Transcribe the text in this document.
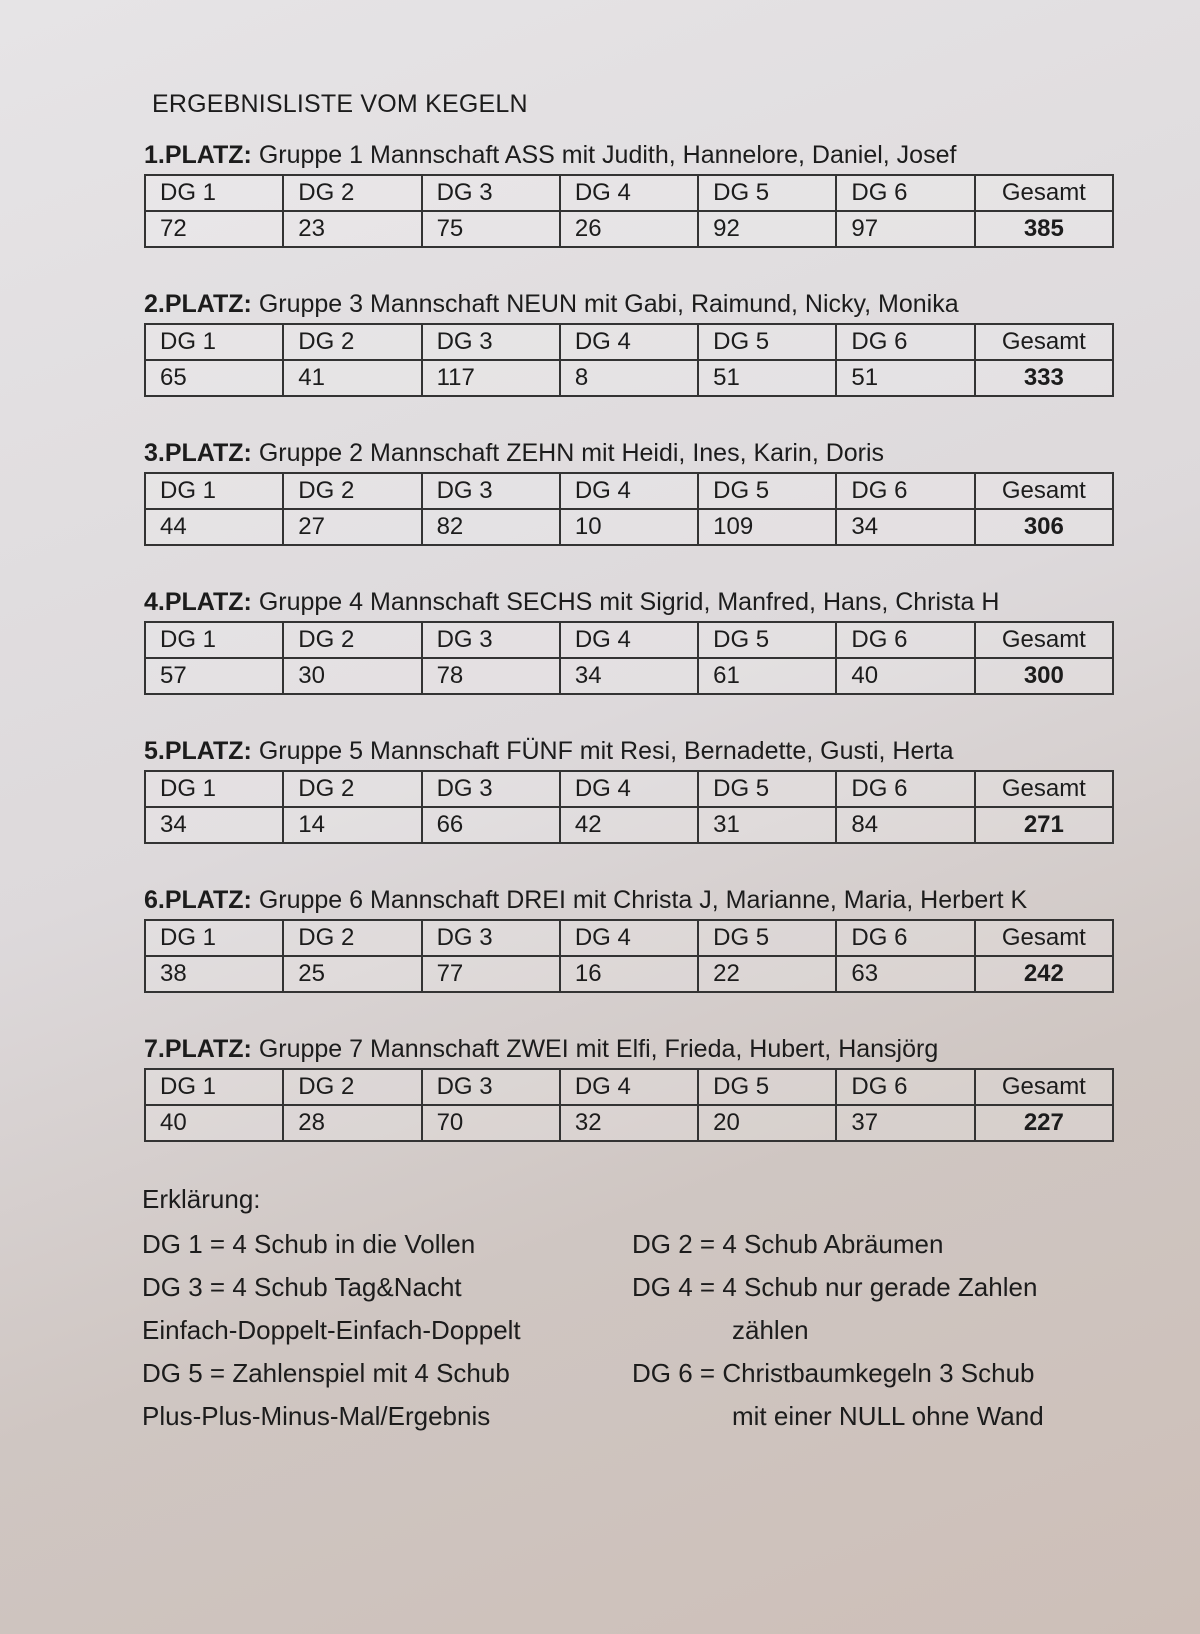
ERGEBNISLISTE VOM KEGELN
1.PLATZ: Gruppe 1 Mannschaft ASS mit Judith, Hannelore, Daniel, Josef
DG 1	DG 2	DG 3	DG 4	DG 5	DG 6	Gesamt
72	23	75	26	92	97	385
2.PLATZ: Gruppe 3 Mannschaft NEUN mit Gabi, Raimund, Nicky, Monika
DG 1	DG 2	DG 3	DG 4	DG 5	DG 6	Gesamt
65	41	117	8	51	51	333
3.PLATZ: Gruppe 2 Mannschaft ZEHN mit Heidi, Ines, Karin, Doris
DG 1	DG 2	DG 3	DG 4	DG 5	DG 6	Gesamt
44	27	82	10	109	34	306
4.PLATZ: Gruppe 4 Mannschaft SECHS mit Sigrid, Manfred, Hans, Christa H
DG 1	DG 2	DG 3	DG 4	DG 5	DG 6	Gesamt
57	30	78	34	61	40	300
5.PLATZ: Gruppe 5 Mannschaft FÜNF mit Resi, Bernadette, Gusti, Herta
DG 1	DG 2	DG 3	DG 4	DG 5	DG 6	Gesamt
34	14	66	42	31	84	271
6.PLATZ: Gruppe 6 Mannschaft DREI mit Christa J, Marianne, Maria, Herbert K
DG 1	DG 2	DG 3	DG 4	DG 5	DG 6	Gesamt
38	25	77	16	22	63	242
7.PLATZ: Gruppe 7 Mannschaft ZWEI mit Elfi, Frieda, Hubert, Hansjörg
DG 1	DG 2	DG 3	DG 4	DG 5	DG 6	Gesamt
40	28	70	32	20	37	227
Erklärung:
DG 1 = 4 Schub in die Vollen	DG 2 = 4 Schub Abräumen
DG 3 = 4 Schub Tag&Nacht	DG 4 = 4 Schub nur gerade Zahlen
Einfach-Doppelt-Einfach-Doppelt	zählen
DG 5 = Zahlenspiel mit 4 Schub	DG 6 = Christbaumkegeln 3 Schub
Plus-Plus-Minus-Mal/Ergebnis	mit einer NULL ohne Wand
